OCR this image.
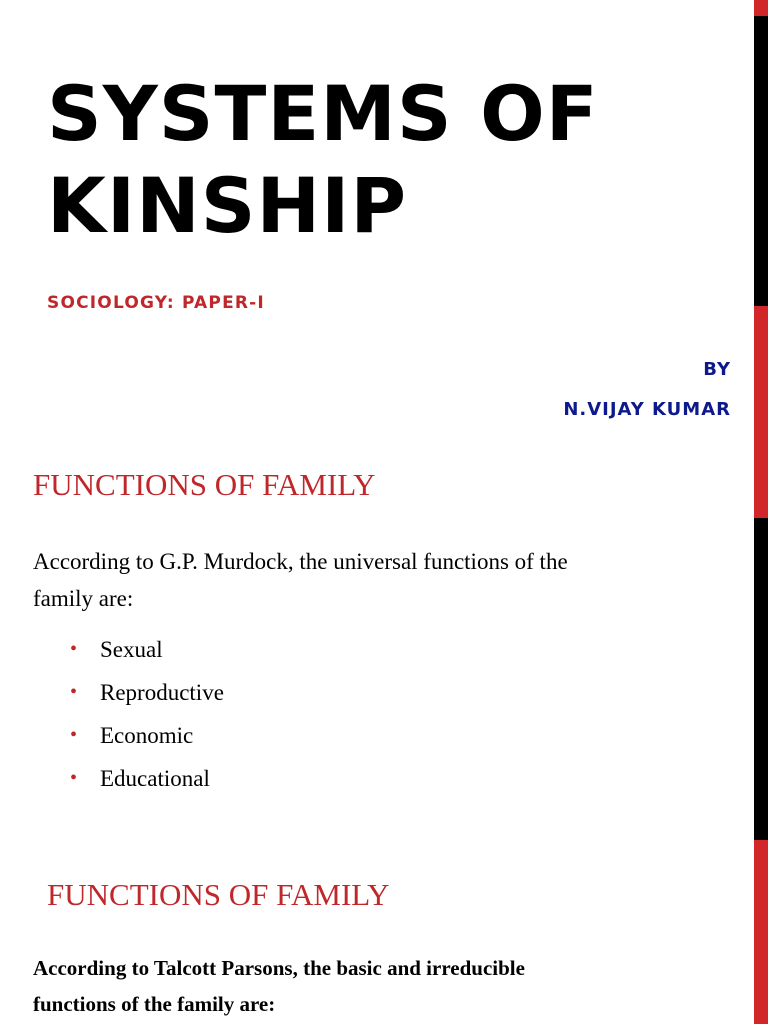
SYSTEMS OF
KINSHIP
SOCIOLOGY: PAPER-I
BY
N.VIJAY KUMAR
FUNCTIONS OF FAMILY
According to G.P. Murdock, the universal functions of the
family are:
• Sexual
• Reproductive
• Economic
• Educational
FUNCTIONS OF FAMILY
According to Talcott Parsons, the basic and irreducible
functions of the family are:
